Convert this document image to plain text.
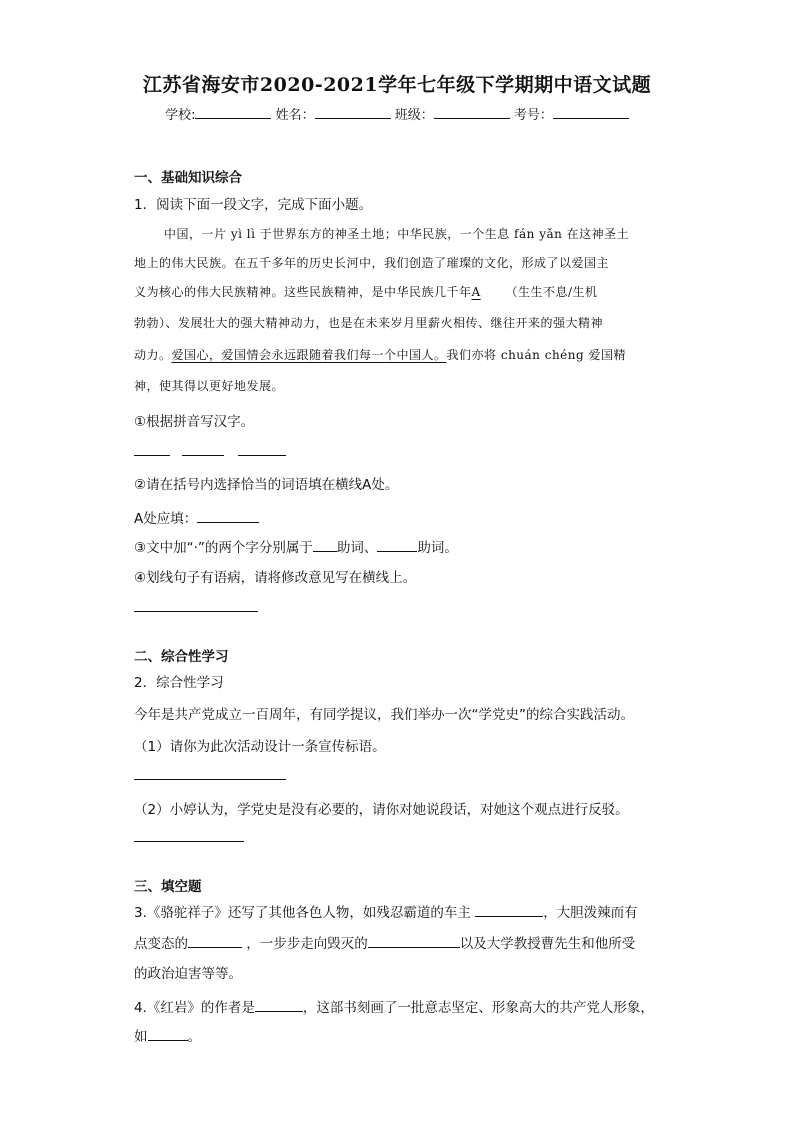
江苏省海安市2020-2021学年七年级下学期期中语文试题
学校:	姓名：	班级：	考号：
一、基础知识综合
1．阅读下面一段文字，完成下面小题。
中国，一片 yì lì 于世界东方的神圣土地；中华民族，一个生息 fán yǎn 在这神圣土
地上的伟大民族。在五千多年的历史长河中，我们创造了璀璨的文化，形成了以爱国主
义为核心的伟大民族精神。这些民族精神，是中华民族几千年A （生生不息/生机
勃勃）、发展壮大的强大精神动力，也是在未来岁月里薪火相传、继往开来的强大精神
动力。爱国心，爱国情会永远跟随着我们每一个中国人。我们亦将 chuán chéng 爱国精
神，使其得以更好地发展。
①根据拼音写汉字。
②请在括号内选择恰当的词语填在横线A处。
A处应填：
③文中加“·”的两个字分别属于 助词、	助词。
④划线句子有语病，请将修改意见写在横线上。
二、综合性学习
2．综合性学习
今年是共产党成立一百周年，有同学提议，我们举办一次“学党史”的综合实践活动。
（1）请你为此次活动设计一条宣传标语。
（2）小婷认为，学党史是没有必要的，请你对她说段话，对她这个观点进行反驳。
三、填空题
3.《骆驼祥子》还写了其他各色人物，如残忍霸道的车主	，大胆泼辣而有
点变态的	，一步步走向毁灭的	以及大学教授曹先生和他所受
的政治迫害等等。
4.《红岩》的作者是	，这部书刻画了一批意志坚定、形象高大的共产党人形象，
如	。
